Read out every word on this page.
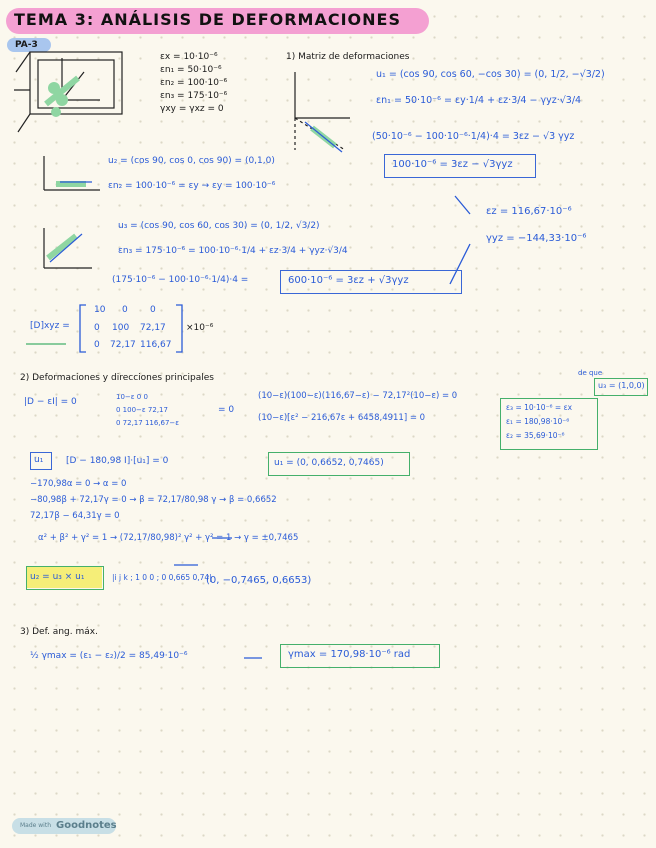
TEMA 3: ANÁLISIS DE DEFORMACIONES
PA-3
εx = 10·10⁻⁶
εn₁ = 50·10⁻⁶
εn₂ = 100·10⁻⁶
εn₃ = 175·10⁻⁶
γxy = γxz = 0
1) Matriz de deformaciones
u₁ = (cos 90, cos 60, −cos 30) = (0, 1/2, −√3/2)
εn₁ = 50·10⁻⁶ = εy·1/4 + εz·3/4 − γyz·√3/4
(50·10⁻⁶ − 100·10⁻⁶·1/4)·4 = 3εz − √3 γyz
100·10⁻⁶ = 3εz − √3γyz
u₂ = (cos 90, cos 0, cos 90) = (0,1,0)
εn₂ = 100·10⁻⁶ = εy → εy = 100·10⁻⁶
u₃ = (cos 90, cos 60, cos 30) = (0, 1/2, √3/2)
εn₃ = 175·10⁻⁶ = 100·10⁻⁶·1/4 + εz·3/4 + γyz·√3/4
(175·10⁻⁶ − 100·10⁻⁶·1/4)·4 =	600·10⁻⁶ = 3εz + √3γyz
εz = 116,67·10⁻⁶
γyz = −144,33·10⁻⁶
[D]xyz =
10 0 0
0 100 72,17
0 72,17 116,67
×10⁻⁶
2) Deformaciones y direcciones principales	de que
u₃ = (1,0,0)
|D − εI| = 0	10−ε 0 0
0 100−ε 72,17
0 72,17 116,67−ε
= 0
(10−ε)(100−ε)(116,67−ε) − 72,17²(10−ε) = 0
(10−ε)[ε² − 216,67ε + 6458,4911] = 0
ε₃ = 10·10⁻⁶ = εx
ε₁ = 180,98·10⁻⁶
ε₂ = 35,69·10⁻⁶
u₁	[D − 180,98 I]·[u₁] = 0	u₁ = (0, 0,6652, 0,7465)
−170,98α = 0 → α = 0
−80,98β + 72,17γ = 0 → β = 72,17/80,98 γ → β = 0,6652
72,17β − 64,31γ = 0
α² + β² + γ² = 1 → (72,17/80,98)² γ² + γ² = 1 → γ = ±0,7465
u₂ = u₃ × u₁	|i j k ; 1 0 0 ; 0 0,665 0,74|
(0, −0,7465, 0,6653)
3) Def. ang. máx.
½ γmax = (ε₁ − ε₂)/2 = 85,49·10⁻⁶	γmax = 170,98·10⁻⁶ rad
Made with Goodnotes
